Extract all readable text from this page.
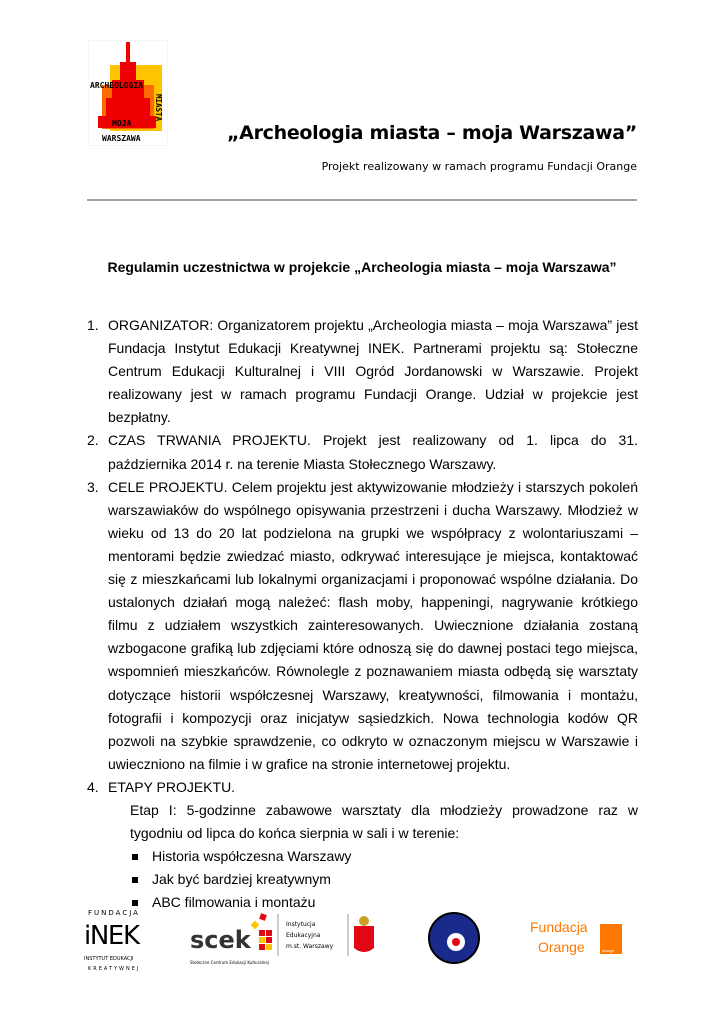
ARCHEOLOGIA
MIASTA
MOJA
WARSZAWA	„Archeologia miasta – moja Warszawa”
Projekt realizowany w ramach programu Fundacji Orange
Regulamin uczestnictwa w projekcie „Archeologia miasta – moja Warszawa”
1. ORGANIZATOR: Organizatorem projektu „Archeologia miasta – moja Warszawa” jest Fundacja Instytut Edukacji Kreatywnej INEK. Partnerami projektu są: Stołeczne Centrum Edukacji Kulturalnej i VIII Ogród Jordanowski w Warszawie. Projekt realizowany jest w ramach programu Fundacji Orange. Udział w projekcie jest bezpłatny.
2. CZAS TRWANIA PROJEKTU. Projekt jest realizowany od 1. lipca do 31. października 2014 r. na terenie Miasta Stołecznego Warszawy.
3. CELE PROJEKTU. Celem projektu jest aktywizowanie młodzieży i starszych pokoleń warszawiaków do wspólnego opisywania przestrzeni i ducha Warszawy. Młodzież w wieku od 13 do 20 lat podzielona na grupki we współpracy z wolontariuszami – mentorami będzie zwiedzać miasto, odkrywać interesujące je miejsca, kontaktować się z mieszkańcami lub lokalnymi organizacjami i proponować wspólne działania. Do ustalonych działań mogą należeć: flash moby, happeningi, nagrywanie krótkiego filmu z udziałem wszystkich zainteresowanych. Uwiecznione działania zostaną wzbogacone grafiką lub zdjęciami które odnoszą się do dawnej postaci tego miejsca, wspomnień mieszkańców. Równolegle z poznawaniem miasta odbędą się warsztaty dotyczące historii współczesnej Warszawy, kreatywności, filmowania i montażu, fotografii i kompozycji oraz inicjatyw sąsiedzkich. Nowa technologia kodów QR pozwoli na szybkie sprawdzenie, co odkryto w oznaczonym miejscu w Warszawie i uwieczniono na filmie i w grafice na stronie internetowej projektu.
4. ETAPY PROJEKTU.
Etap I: 5-godzinne zabawowe warsztaty dla młodzieży prowadzone raz w tygodniu od lipca do końca sierpnia w sali i w terenie:
Historia współczesna Warszawy
Jak być bardziej kreatywnym
ABC filmowania i montażu
FUNDACJA
iNEK
INSTYTUT EDUKACJI
KREATYWNEJ
scek
Stołeczne Centrum Edukacji Kulturalnej
Instytucja
Edukacyjna
m.st. Warszawy
Fundacja
Orange	orange
